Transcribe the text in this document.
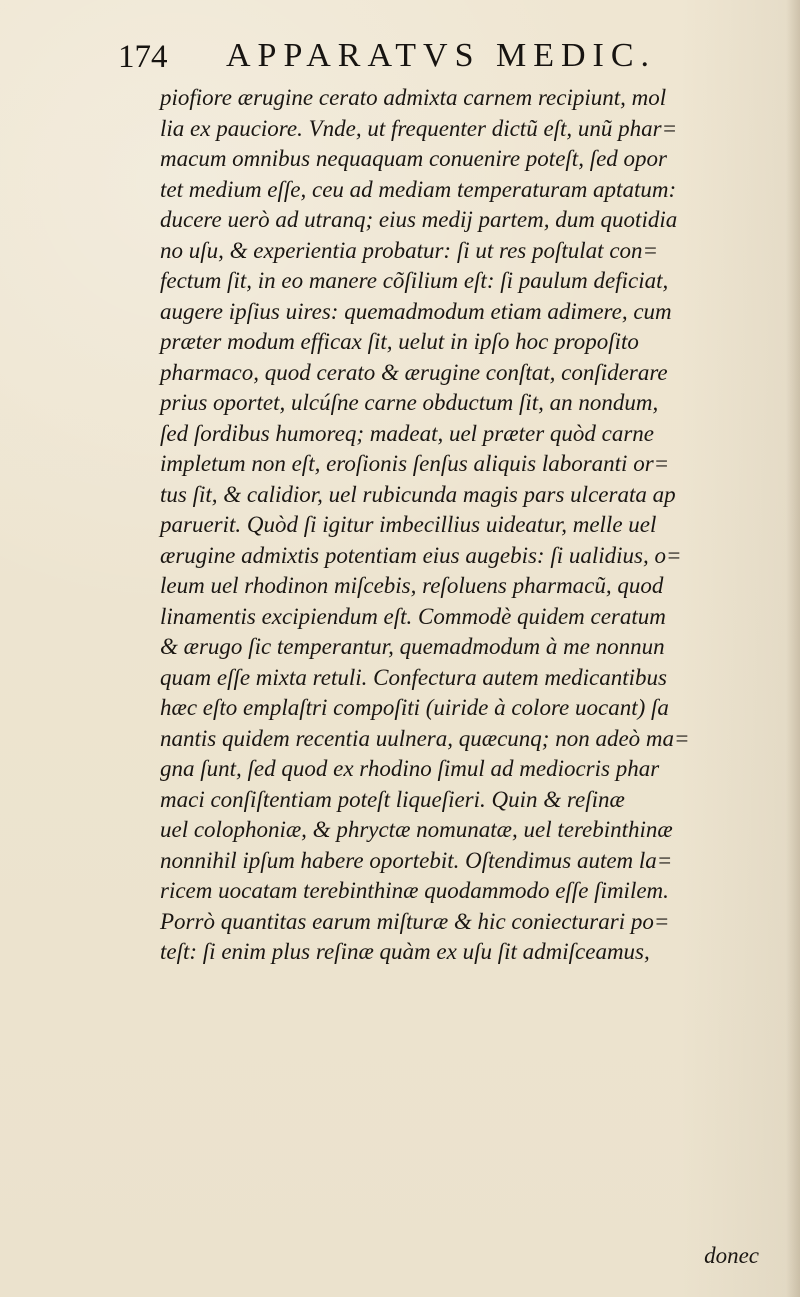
174 APPARATVS MEDIC.
piofiore ærugine cerato admixta carnem recipiunt, mol
lia ex pauciore. Vnde, ut frequenter dictũ eſt, unũ phar=
macum omnibus nequaquam conuenire poteſt, ſed opor
tet medium eſſe, ceu ad mediam temperaturam aptatum:
ducere uerò ad utranq; eius medij partem, dum quotidia
no uſu, & experientia probatur: ſi ut res poſtulat con=
fectum ſit, in eo manere cõſilium eſt: ſi paulum deficiat,
augere ipſius uires: quemadmodum etiam adimere, cum
præter modum efficax ſit, uelut in ipſo hoc propoſito
pharmaco, quod cerato & ærugine conſtat, conſiderare
prius oportet, ulcúſne carne obductum ſit, an nondum,
ſed ſordibus humoreq; madeat, uel præter quòd carne
impletum non eſt, eroſionis ſenſus aliquis laboranti or=
tus ſit, & calidior, uel rubicunda magis pars ulcerata ap
paruerit. Quòd ſi igitur imbecillius uideatur, melle uel
ærugine admixtis potentiam eius augebis: ſi ualidius, o=
leum uel rhodinon miſcebis, reſoluens pharmacũ, quod
linamentis excipiendum eſt. Commodè quidem ceratum
& ærugo ſic temperantur, quemadmodum à me nonnun
quam eſſe mixta retuli. Confectura autem medicantibus
hæc eſto emplaſtri compoſiti (uiride à colore uocant) ſa
nantis quidem recentia uulnera, quæcunq; non adeò ma=
gna ſunt, ſed quod ex rhodino ſimul ad mediocris phar
maci conſiſtentiam poteſt liqueſieri. Quin & reſinæ
uel colophoniæ, & phryctæ nomunatæ, uel terebinthinæ
nonnihil ipſum habere oportebit. Oſtendimus autem la=
ricem uocatam terebinthinæ quodammodo eſſe ſimilem.
Porrò quantitas earum miſturæ & hic coniecturari po=
teſt: ſi enim plus reſinæ quàm ex uſu ſit admiſceamus,
donec
